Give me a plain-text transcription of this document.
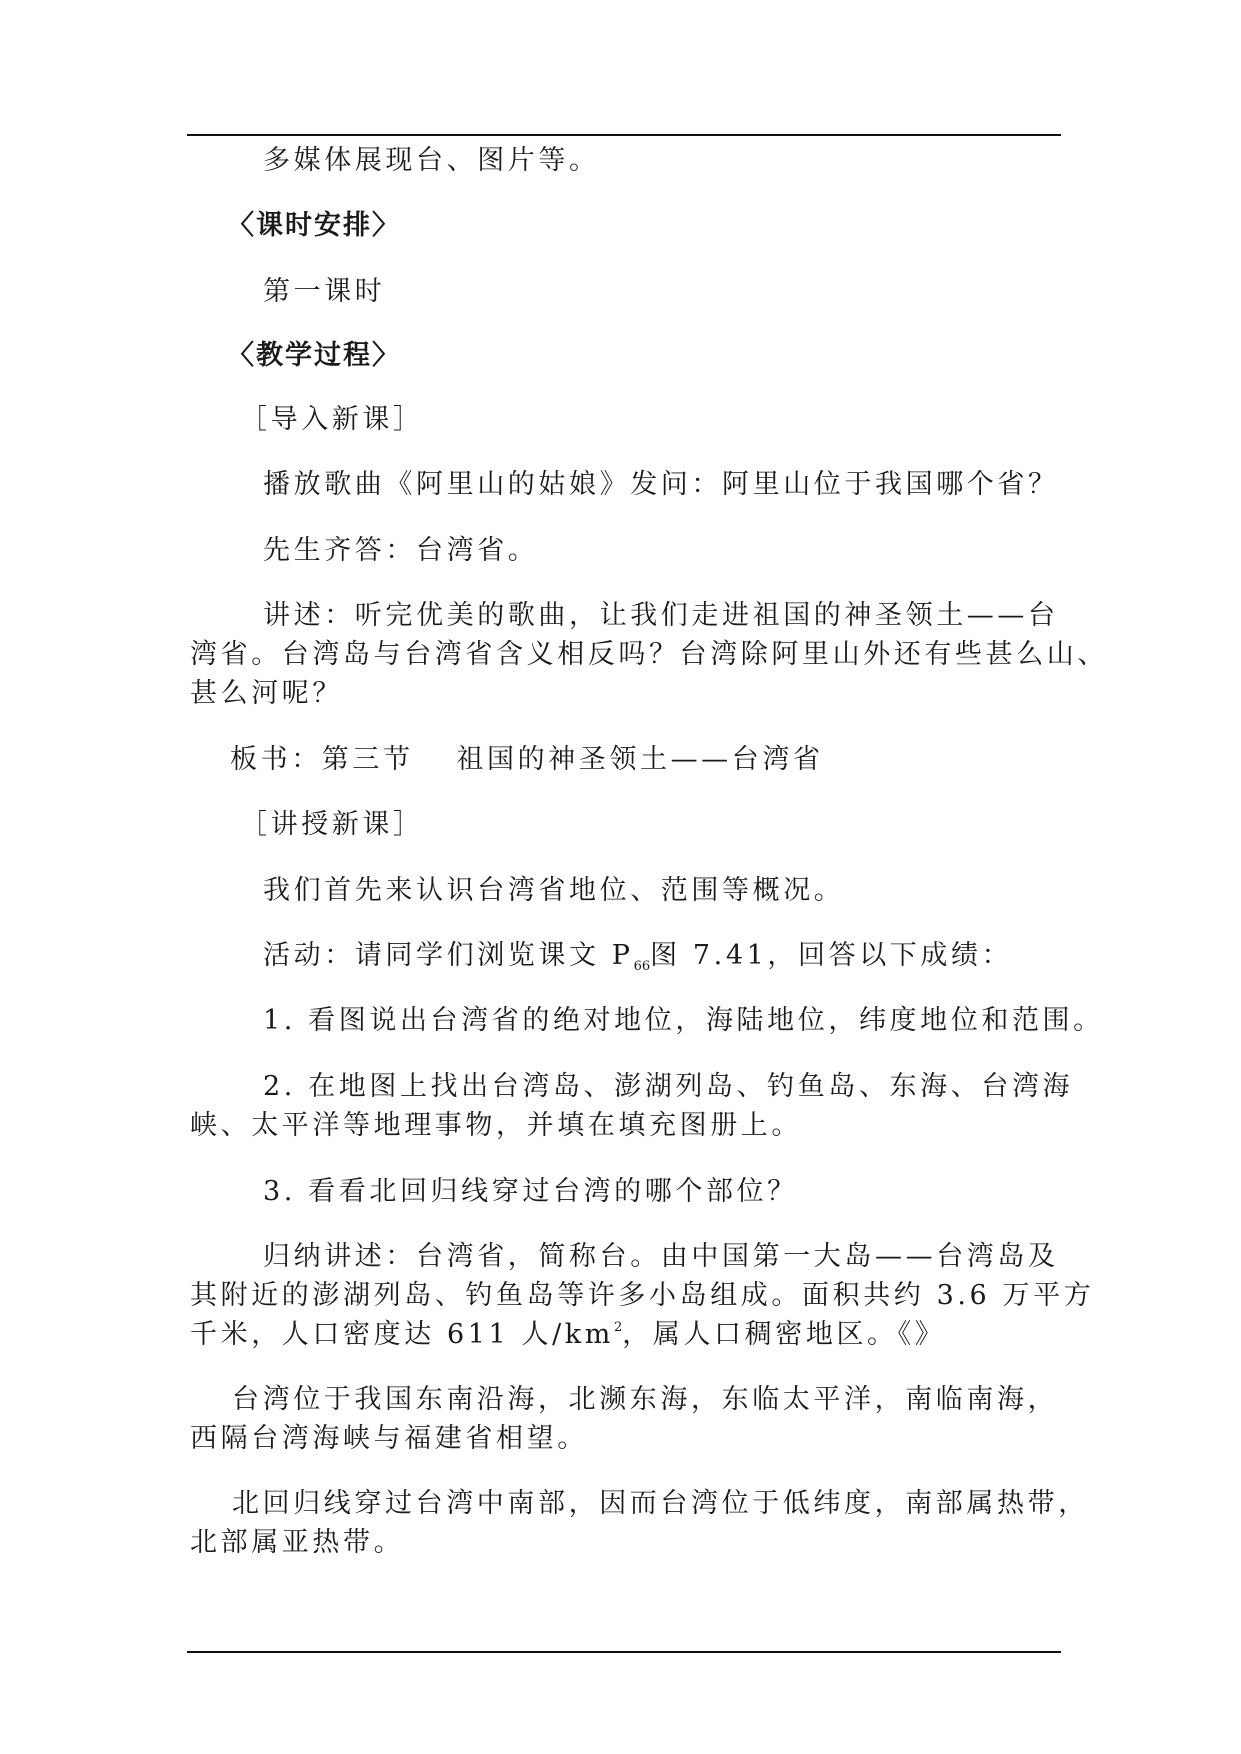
多媒体展现台、图片等。
〈课时安排〉
第一课时
〈教学过程〉
［导入新课］
播放歌曲《阿里山的姑娘》发问：阿里山位于我国哪个省？
先生齐答：台湾省。
讲述：听完优美的歌曲，让我们走进祖国的神圣领土——台
湾省。台湾岛与台湾省含义相反吗？台湾除阿里山外还有些甚么山、
甚么河呢？
板书：第三节　 祖国的神圣领土——台湾省
［讲授新课］
我们首先来认识台湾省地位、范围等概况。
活动：请同学们浏览课文 $P_{66}$图 7.41，回答以下成绩：
1. 看图说出台湾省的绝对地位，海陆地位，纬度地位和范围。
2. 在地图上找出台湾岛、澎湖列岛、钓鱼岛、东海、台湾海
峡、太平洋等地理事物，并填在填充图册上。
3. 看看北回归线穿过台湾的哪个部位？
归纳讲述：台湾省，简称台。由中国第一大岛——台湾岛及
其附近的澎湖列岛、钓鱼岛等许多小岛组成。面积共约 3.6 万平方
千米，人口密度达 611 人$/km^2$，属人口稠密地区。《》
台湾位于我国东南沿海，北濒东海，东临太平洋，南临南海，
西隔台湾海峡与福建省相望。
北回归线穿过台湾中南部，因而台湾位于低纬度，南部属热带，
北部属亚热带。
